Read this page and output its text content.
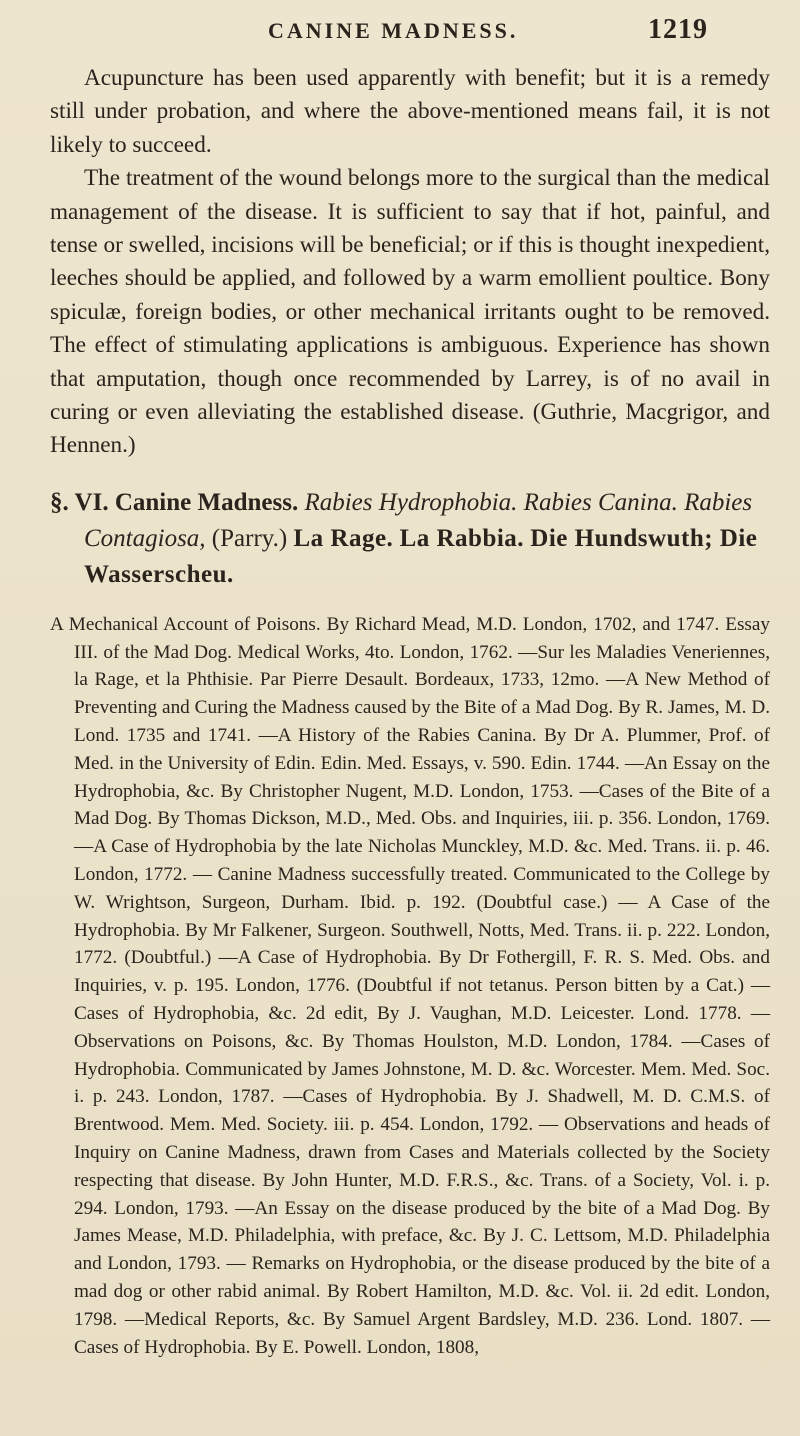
CANINE MADNESS.	1219

Acupuncture has been used apparently with benefit; but it is a remedy still under probation, and where the above-mentioned means fail, it is not likely to succeed.

The treatment of the wound belongs more to the surgical than the medical management of the disease. It is sufficient to say that if hot, painful, and tense or swelled, incisions will be beneficial; or if this is thought inexpedient, leeches should be applied, and followed by a warm emollient poultice. Bony spiculæ, foreign bodies, or other mechanical irritants ought to be removed. The effect of stimulating applications is ambiguous. Experience has shown that amputation, though once recommended by Larrey, is of no avail in curing or even alleviating the established disease. (Guthrie, Macgrigor, and Hennen.)

§. VI. Canine Madness. Rabies Hydrophobia. Rabies Canina. Rabies Contagiosa, (Parry.) La Rage. La Rabbia. Die Hundswuth; Die Wasserscheu.

A Mechanical Account of Poisons. By Richard Mead, M.D. London, 1702, and 1747. Essay III. of the Mad Dog. Medical Works, 4to. London, 1762. —Sur les Maladies Veneriennes, la Rage, et la Phthisie. Par Pierre Desault. Bordeaux, 1733, 12mo. —A New Method of Preventing and Curing the Madness caused by the Bite of a Mad Dog. By R. James, M. D. Lond. 1735 and 1741. —A History of the Rabies Canina. By Dr A. Plummer, Prof. of Med. in the University of Edin. Edin. Med. Essays, v. 590. Edin. 1744. —An Essay on the Hydrophobia, &c. By Christopher Nugent, M.D. London, 1753. —Cases of the Bite of a Mad Dog. By Thomas Dickson, M.D., Med. Obs. and Inquiries, iii. p. 356. London, 1769. —A Case of Hydrophobia by the late Nicholas Munckley, M.D. &c. Med. Trans. ii. p. 46. London, 1772. — Canine Madness successfully treated. Communicated to the College by W. Wrightson, Surgeon, Durham. Ibid. p. 192. (Doubtful case.) — A Case of the Hydrophobia. By Mr Falkener, Surgeon. Southwell, Notts, Med. Trans. ii. p. 222. London, 1772. (Doubtful.) —A Case of Hydrophobia. By Dr Fothergill, F. R. S. Med. Obs. and Inquiries, v. p. 195. London, 1776. (Doubtful if not tetanus. Person bitten by a Cat.) —Cases of Hydrophobia, &c. 2d edit, By J. Vaughan, M.D. Leicester. Lond. 1778. —Observations on Poisons, &c. By Thomas Houlston, M.D. London, 1784. —Cases of Hydrophobia. Communicated by James Johnstone, M. D. &c. Worcester. Mem. Med. Soc. i. p. 243. London, 1787. —Cases of Hydrophobia. By J. Shadwell, M. D. C.M.S. of Brentwood. Mem. Med. Society. iii. p. 454. London, 1792. — Observations and heads of Inquiry on Canine Madness, drawn from Cases and Materials collected by the Society respecting that disease. By John Hunter, M.D. F.R.S., &c. Trans. of a Society, Vol. i. p. 294. London, 1793. —An Essay on the disease produced by the bite of a Mad Dog. By James Mease, M.D. Philadelphia, with preface, &c. By J. C. Lettsom, M.D. Philadelphia and London, 1793. — Remarks on Hydrophobia, or the disease produced by the bite of a mad dog or other rabid animal. By Robert Hamilton, M.D. &c. Vol. ii. 2d edit. London, 1798. —Medical Reports, &c. By Samuel Argent Bardsley, M.D. 236. Lond. 1807. —Cases of Hydrophobia. By E. Powell. London, 1808,
